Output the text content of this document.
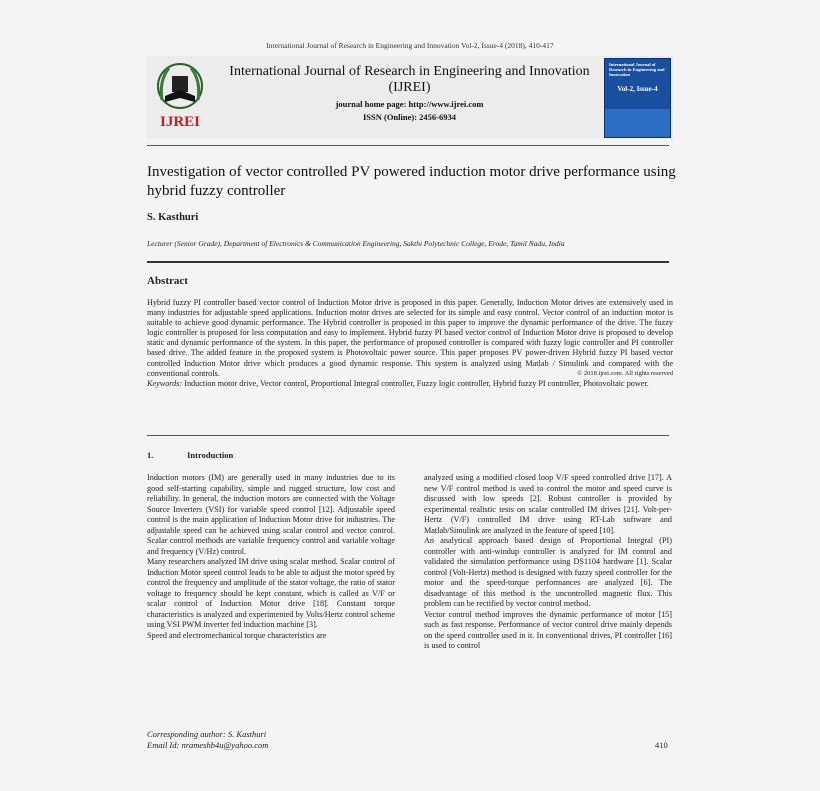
International Journal of Research in Engineering and Innovation Vol-2, Issue-4 (2018), 410-417
IJREI
International Journal of Research in Engineering and Innovation
(IJREI)
journal home page: http://www.ijrei.com
ISSN (Online): 2456-6934
International Journal of Research in Engineering and Innovation
Vol-2, Issue-4
Investigation of vector controlled PV powered induction motor drive performance using hybrid fuzzy controller
S. Kasthuri
Lecturer (Senior Grade), Department of Electronics & Communication Engineering, Sakthi Polytechnic College, Erode, Tamil Nadu, India
Abstract
Hybrid fuzzy PI controller based vector control of Induction Motor drive is proposed in this paper. Generally, Induction Motor drives are extensively used in many industries for adjustable speed applications. Induction motor drives are selected for its simple and easy control. Vector control of an induction motor is suitable to achieve good dynamic performance. The Hybrid controller is proposed in this paper to improve the dynamic performance of the drive. The fuzzy logic controller is proposed for less computation and easy to implement. Hybrid fuzzy PI based vector control of Induction Motor drive is proposed to develop static and dynamic performance of the system. In this paper, the performance of proposed controller is compared with fuzzy logic controller and PI controller based drive. The added feature in the proposed system is Photovoltaic power source. This paper proposes PV power-driven Hybrid fuzzy PI based vector controlled Induction Motor drive which produces a good dynamic response. This system is analyzed using Matlab / Simulink and compared with the conventional controls.	© 2018 ijrei.com. All rights reserved

Keywords: Induction motor drive, Vector control, Proportional Integral controller, Fuzzy logic controller, Hybrid fuzzy PI controller, Photovoltaic power.
1.	Introduction

Induction motors (IM) are generally used in many industries due to its good self-starting capability, simple and rugged structure, low cost and reliability. In general, the induction motors are connected with the Voltage Source Inverters (VSI) for variable speed control [12]. Adjustable speed control is the main application of Induction Motor drive for industries. The adjustable speed can be achieved using scalar control and vector control. Scalar control methods are variable frequency control and variable voltage and frequency (V/Hz) control.

Many researchers analyzed IM drive using scalar method. Scalar control of Induction Motor speed control leads to be able to adjust the motor speed by control the frequency and amplitude of the stator voltage, the ratio of stator voltage to frequency should be kept constant, which is called as V/F or scalar control of Induction Motor drive [18]. Constant torque characteristics is analyzed and experimented by Volts/Hertz control scheme using VSI PWM inverter fed induction machine [3].

Speed and electromechanical torque characteristics are

analyzed using a modified closed loop V/F speed controlled drive [17]. A new V/F control method is used to control the motor and speed curve is discussed with low speeds [2]. Robust controller is provided by experimental realistic tests on scalar controlled IM drives [21]. Volt-per-Hertz (V/F) controlled IM drive using RT-Lab software and Matlab/Simulink are analyzed in the feature of speed [10].

An analytical approach based design of Proportional Integral (PI) controller with anti-windup controller is analyzed for IM control and validated the simulation performance using DS1104 hardware [1]. Scalar control (Volt-Hertz) method is designed with fuzzy speed controller for the motor and the speed-torque performances are analyzed [6]. The disadvantage of this method is the uncontrolled magnetic flux. This problem can be rectified by vector control method.

Vector control method improves the dynamic performance of motor [15] such as fast response. Performance of vector control drive mainly depends on the speed controller used in it. In conventional drives, PI controller [16] is used to control

Corresponding author: S. Kasthuri
Email Id: nrameshb4u@yahoo.com	410
